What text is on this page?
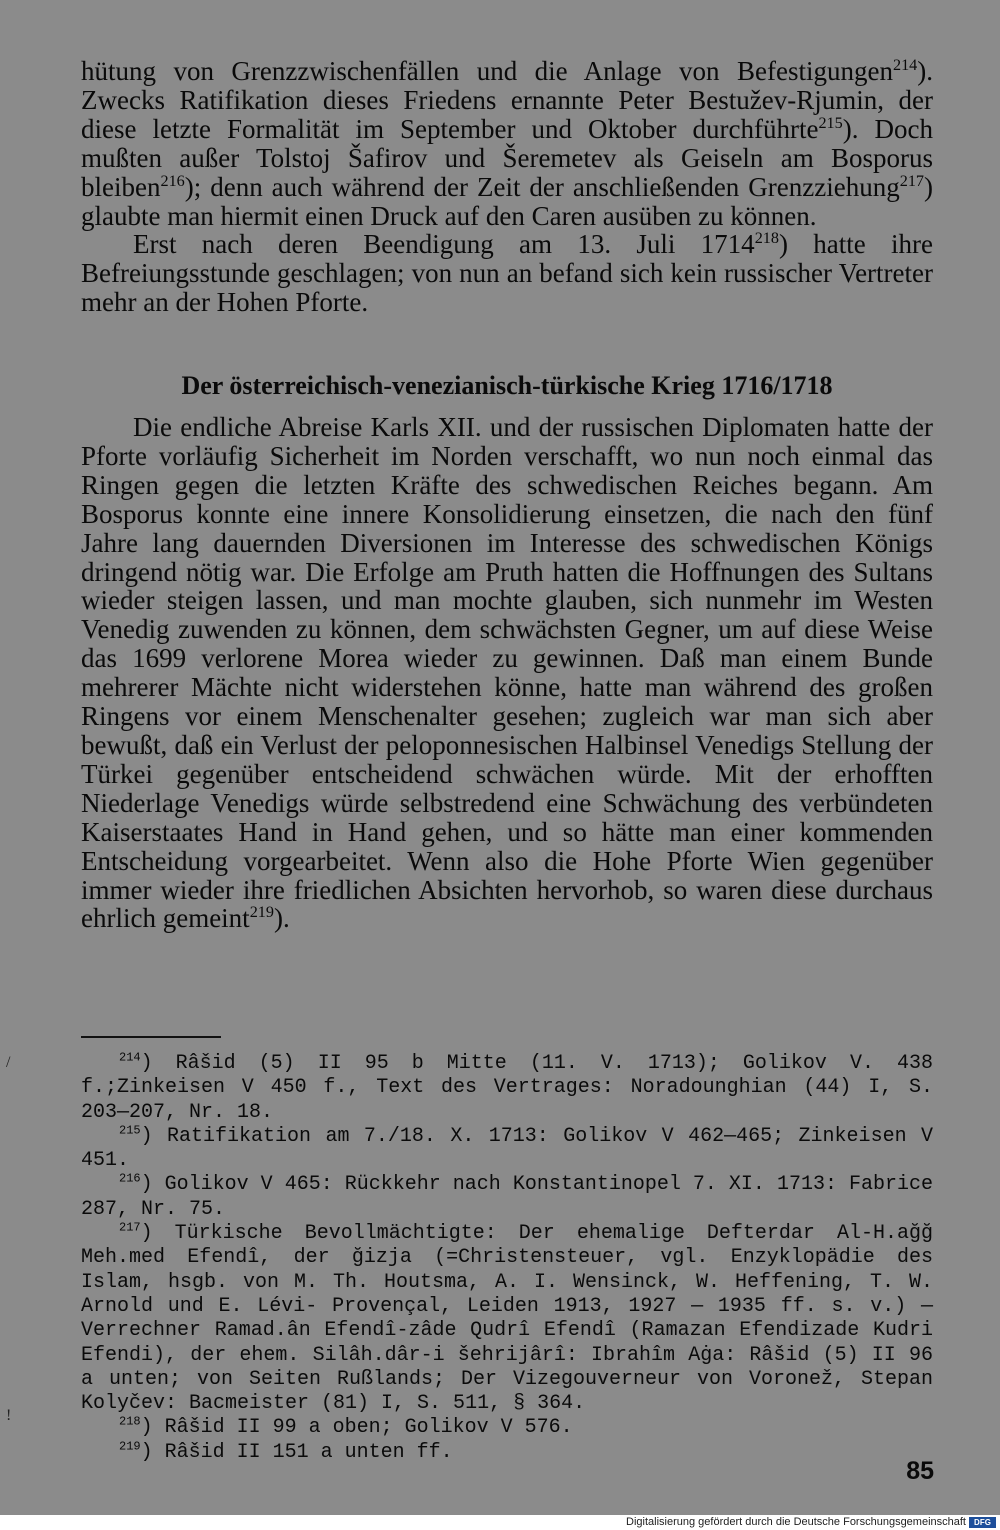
hütung von Grenzzwischenfällen und die Anlage von Befestigungen$^{214}$). Zwecks Ratifikation dieses Friedens ernannte Peter Bestužev-Rjumin, der diese letzte Formalität im September und Oktober durchführte$^{215}$). Doch mußten außer Tolstoj Šafirov und Šeremetev als Geiseln am Bosporus bleiben$^{216}$); denn auch während der Zeit der anschließenden Grenzziehung$^{217}$) glaubte man hiermit einen Druck auf den Caren ausüben zu können.

Erst nach deren Beendigung am 13. Juli 1714$^{218}$) hatte ihre Befreiungsstunde geschlagen; von nun an befand sich kein russischer Vertreter mehr an der Hohen Pforte.

Der österreichisch-venezianisch-türkische Krieg 1716/1718

Die endliche Abreise Karls XII. und der russischen Diplomaten hatte der Pforte vorläufig Sicherheit im Norden verschafft, wo nun noch einmal das Ringen gegen die letzten Kräfte des schwedischen Reiches begann. Am Bosporus konnte eine innere Konsolidierung einsetzen, die nach den fünf Jahre lang dauernden Diversionen im Interesse des schwedischen Königs dringend nötig war. Die Erfolge am Pruth hatten die Hoffnungen des Sultans wieder steigen lassen, und man mochte glauben, sich nunmehr im Westen Venedig zuwenden zu können, dem schwächsten Gegner, um auf diese Weise das 1699 verlorene Morea wieder zu gewinnen. Daß man einem Bunde mehrerer Mächte nicht widerstehen könne, hatte man während des großen Ringens vor einem Menschenalter gesehen; zugleich war man sich aber bewußt, daß ein Verlust der peloponnesischen Halbinsel Venedigs Stellung der Türkei gegenüber entscheidend schwächen würde. Mit der erhofften Niederlage Venedigs würde selbstredend eine Schwächung des verbündeten Kaiserstaates Hand in Hand gehen, und so hätte man einer kommenden Entscheidung vorgearbeitet. Wenn also die Hohe Pforte Wien gegenüber immer wieder ihre friedlichen Absichten hervorhob, so waren diese durchaus ehrlich gemeint$^{219}$).

$^{214}$) Râšid (5) II 95 b Mitte (11. V. 1713); Golikov V. 438 f.;Zinkeisen V 450 f., Text des Vertrages: Noradounghian (44) I, S. 203—207, Nr. 18.

$^{215}$) Ratifikation am 7./18. X. 1713: Golikov V 462—465; Zinkeisen V 451.

$^{216}$) Golikov V 465: Rückkehr nach Konstantinopel 7. XI. 1713: Fabrice 287, Nr. 75.

$^{217}$) Türkische Bevollmächtigte: Der ehemalige Defterdar Al-H.ağğ Meh.med Efendî, der ğizja (=Christensteuer, vgl. Enzyklopädie des Islam, hsgb. von M. Th. Houtsma, A. I. Wensinck, W. Heffening, T. W. Arnold und E. Lévi- Provençal, Leiden 1913, 1927 — 1935 ff. s. v.) — Verrechner Ramad.ân Efendî-zâde Qudrî Efendî (Ramazan Efendizade Kudri Efendi), der ehem. Silâh.dâr-i šehrijârî: Ibrahîm Aġa: Râšid (5) II 96 a unten; von Seiten Rußlands; Der Vizegouverneur von Voronež, Stepan Kolyčev: Bacmeister (81) I, S. 511, § 364.

$^{218}$) Râšid II 99 a oben; Golikov V 576.

$^{219}$) Râšid II 151 a unten ff.

/
!
85
Digitalisierung gefördert durch die Deutsche Forschungsgemeinschaft	DFG
